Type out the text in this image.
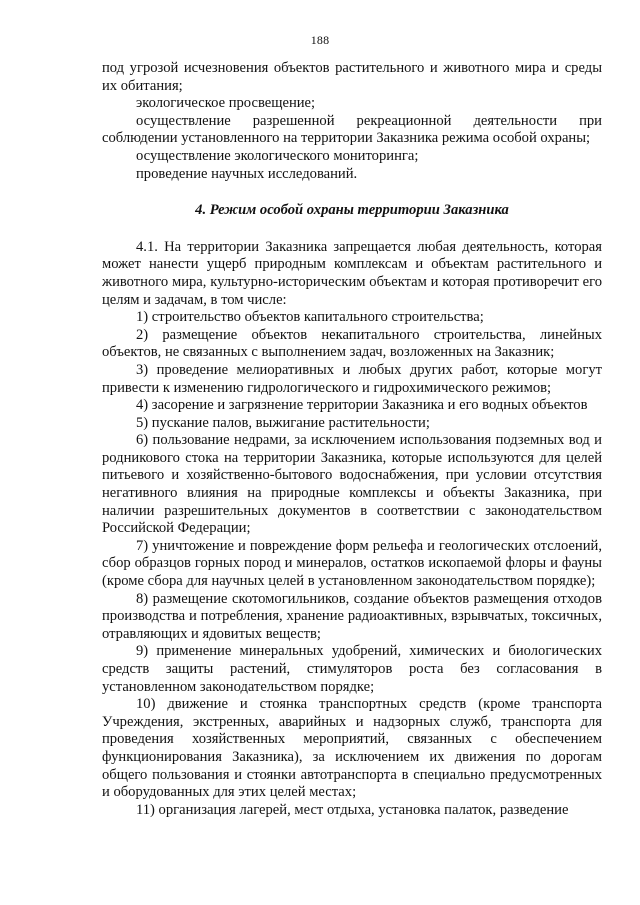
188

под угрозой исчезновения объектов растительного и животного мира и среды их обитания;

экологическое просвещение;

осуществление разрешенной рекреационной деятельности при соблюдении установленного на территории Заказника режима особой охраны;

осуществление экологического мониторинга;

проведение научных исследований.

4. Режим особой охраны территории Заказника

4.1. На территории Заказника запрещается любая деятельность, которая может нанести ущерб природным комплексам и объектам растительного и животного мира, культурно-историческим объектам и которая противоречит его целям и задачам, в том числе:

1) строительство объектов капитального строительства;

2) размещение объектов некапитального строительства, линейных объектов, не связанных с выполнением задач, возложенных на Заказник;

3) проведение мелиоративных и любых других работ, которые могут привести к изменению гидрологического и гидрохимического режимов;

4) засорение и загрязнение территории Заказника и его водных объектов

5) пускание палов, выжигание растительности;

6) пользование недрами, за исключением использования подземных вод и родникового стока на территории Заказника, которые используются для целей питьевого и хозяйственно-бытового водоснабжения, при условии отсутствия негативного влияния на природные комплексы и объекты Заказника, при наличии разрешительных документов в соответствии с законодательством Российской Федерации;

7) уничтожение и повреждение форм рельефа и геологических отслоений, сбор образцов горных пород и минералов, остатков ископаемой флоры и фауны (кроме сбора для научных целей в установленном законодательством порядке);

8) размещение скотомогильников, создание объектов размещения отходов производства и потребления, хранение радиоактивных, взрывчатых, токсичных, отравляющих и ядовитых веществ;

9) применение минеральных удобрений, химических и биологических средств защиты растений, стимуляторов роста без согласования в установленном законодательством порядке;

10) движение и стоянка транспортных средств (кроме транспорта Учреждения, экстренных, аварийных и надзорных служб, транспорта для проведения хозяйственных мероприятий, связанных с обеспечением функционирования Заказника), за исключением их движения по дорогам общего пользования и стоянки автотранспорта в специально предусмотренных и оборудованных для этих целей местах;

11) организация лагерей, мест отдыха, установка палаток, разведение
